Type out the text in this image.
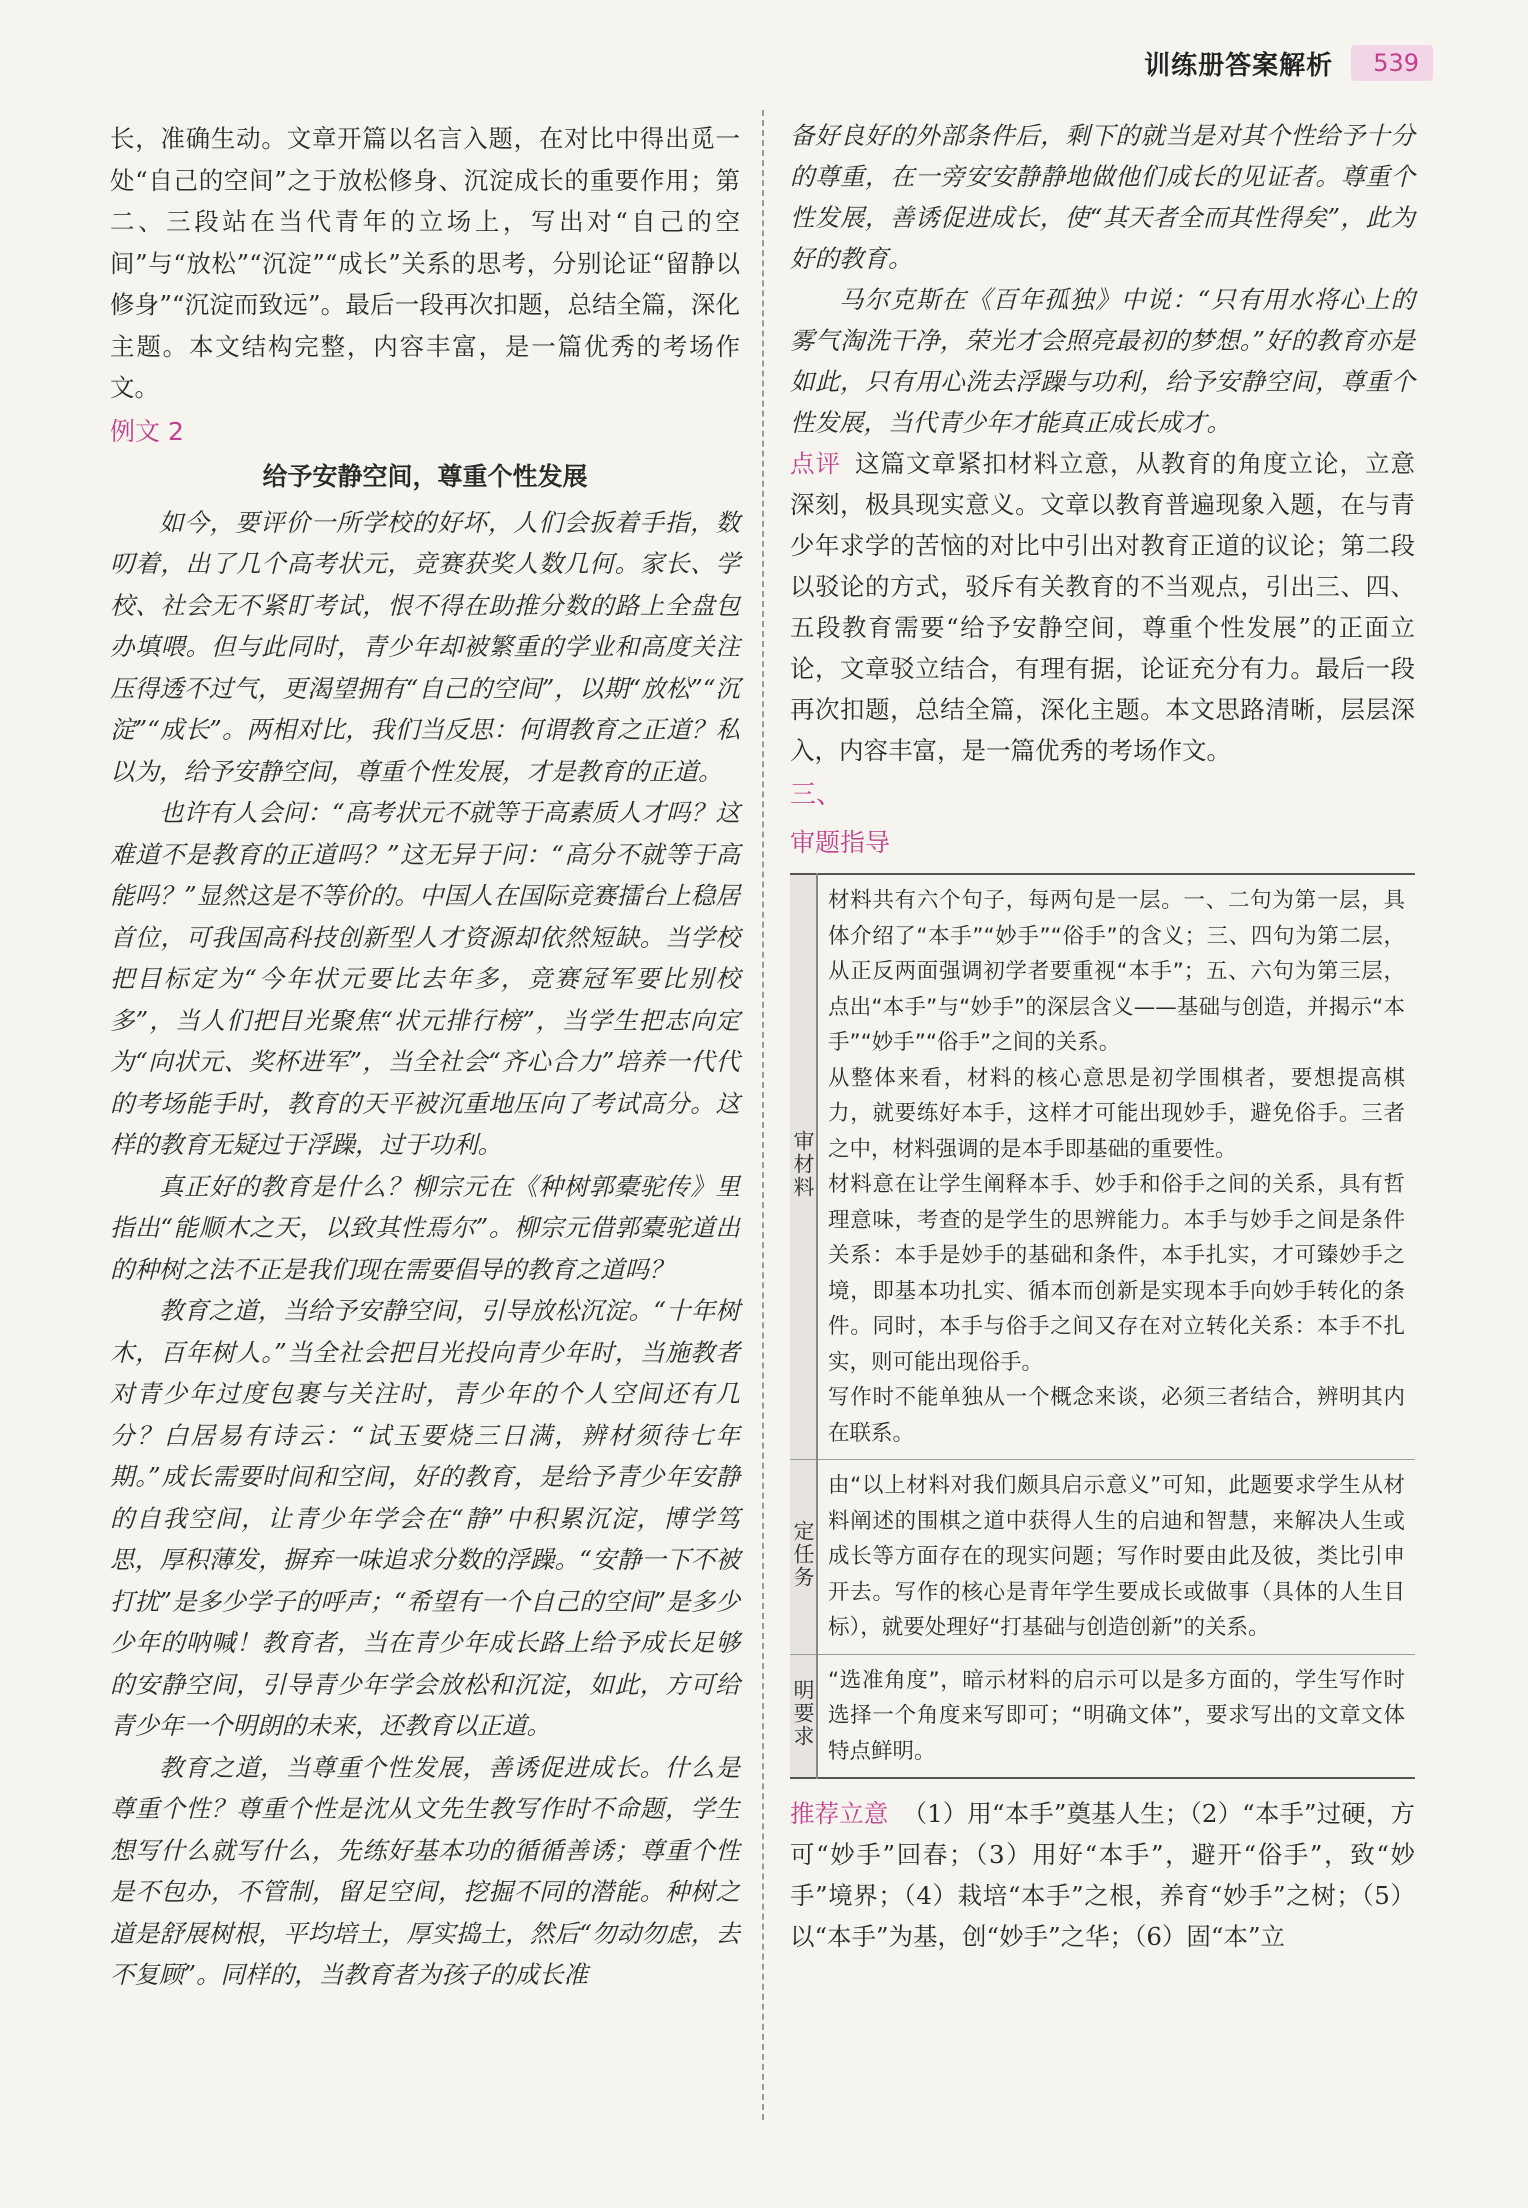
训练册答案解析	539

长，准确生动。文章开篇以名言入题，在对比中得出觅一处“自己的空间”之于放松修身、沉淀成长的重要作用；第二、三段站在当代青年的立场上，写出对“自己的空间”与“放松”“沉淀”“成长”关系的思考，分别论证“留静以修身”“沉淀而致远”。最后一段再次扣题，总结全篇，深化主题。本文结构完整，内容丰富，是一篇优秀的考场作文。

例文 2
给予安静空间，尊重个性发展

如今，要评价一所学校的好坏，人们会扳着手指，数叨着，出了几个高考状元，竞赛获奖人数几何。家长、学校、社会无不紧盯考试，恨不得在助推分数的路上全盘包办填喂。但与此同时，青少年却被繁重的学业和高度关注压得透不过气，更渴望拥有“自己的空间”，以期“放松”“沉淀”“成长”。两相对比，我们当反思：何谓教育之正道？私以为，给予安静空间，尊重个性发展，才是教育的正道。

也许有人会问：“高考状元不就等于高素质人才吗？这难道不是教育的正道吗？”这无异于问：“高分不就等于高能吗？”显然这是不等价的。中国人在国际竞赛擂台上稳居首位，可我国高科技创新型人才资源却依然短缺。当学校把目标定为“今年状元要比去年多，竞赛冠军要比别校多”，当人们把目光聚焦“状元排行榜”，当学生把志向定为“向状元、奖杯进军”，当全社会“齐心合力”培养一代代的考场能手时，教育的天平被沉重地压向了考试高分。这样的教育无疑过于浮躁，过于功利。

真正好的教育是什么？柳宗元在《种树郭橐驼传》里指出“能顺木之天，以致其性焉尔”。柳宗元借郭橐驼道出的种树之法不正是我们现在需要倡导的教育之道吗？

教育之道，当给予安静空间，引导放松沉淀。“十年树木，百年树人。”当全社会把目光投向青少年时，当施教者对青少年过度包裹与关注时，青少年的个人空间还有几分？白居易有诗云：“试玉要烧三日满，辨材须待七年期。”成长需要时间和空间，好的教育，是给予青少年安静的自我空间，让青少年学会在“静”中积累沉淀，博学笃思，厚积薄发，摒弃一味追求分数的浮躁。“安静一下不被打扰”是多少学子的呼声；“希望有一个自己的空间”是多少少年的呐喊！教育者，当在青少年成长路上给予成长足够的安静空间，引导青少年学会放松和沉淀，如此，方可给青少年一个明朗的未来，还教育以正道。

教育之道，当尊重个性发展，善诱促进成长。什么是尊重个性？尊重个性是沈从文先生教写作时不命题，学生想写什么就写什么，先练好基本功的循循善诱；尊重个性是不包办，不管制，留足空间，挖掘不同的潜能。种树之道是舒展树根，平均培土，厚实捣土，然后“勿动勿虑，去不复顾”。同样的，当教育者为孩子的成长准

备好良好的外部条件后，剩下的就当是对其个性给予十分的尊重，在一旁安安静静地做他们成长的见证者。尊重个性发展，善诱促进成长，使“其天者全而其性得矣”，此为好的教育。

马尔克斯在《百年孤独》中说：“只有用水将心上的雾气淘洗干净，荣光才会照亮最初的梦想。”好的教育亦是如此，只有用心洗去浮躁与功利，给予安静空间，尊重个性发展，当代青少年才能真正成长成才。

点评 这篇文章紧扣材料立意，从教育的角度立论，立意深刻，极具现实意义。文章以教育普遍现象入题，在与青少年求学的苦恼的对比中引出对教育正道的议论；第二段以驳论的方式，驳斥有关教育的不当观点，引出三、四、五段教育需要“给予安静空间，尊重个性发展”的正面立论，文章驳立结合，有理有据，论证充分有力。最后一段再次扣题，总结全篇，深化主题。本文思路清晰，层层深入，内容丰富，是一篇优秀的考场作文。

三、
审题指导
审材料	材料共有六个句子，每两句是一层。一、二句为第一层，具体介绍了“本手”“妙手”“俗手”的含义；三、四句为第二层，从正反两面强调初学者要重视“本手”；五、六句为第三层，点出“本手”与“妙手”的深层含义——基础与创造，并揭示“本手”“妙手”“俗手”之间的关系。

从整体来看，材料的核心意思是初学围棋者，要想提高棋力，就要练好本手，这样才可能出现妙手，避免俗手。三者之中，材料强调的是本手即基础的重要性。

材料意在让学生阐释本手、妙手和俗手之间的关系，具有哲理意味，考查的是学生的思辨能力。本手与妙手之间是条件关系：本手是妙手的基础和条件，本手扎实，才可臻妙手之境，即基本功扎实、循本而创新是实现本手向妙手转化的条件。同时，本手与俗手之间又存在对立转化关系：本手不扎实，则可能出现俗手。

写作时不能单独从一个概念来谈，必须三者结合，辨明其内在联系。

定任务	由“以上材料对我们颇具启示意义”可知，此题要求学生从材料阐述的围棋之道中获得人生的启迪和智慧，来解决人生或成长等方面存在的现实问题；写作时要由此及彼，类比引申开去。写作的核心是青年学生要成长或做事（具体的人生目标），就要处理好“打基础与创造创新”的关系。

明要求	“选准角度”，暗示材料的启示可以是多方面的，学生写作时选择一个角度来写即可；“明确文体”，要求写出的文章文体特点鲜明。

推荐立意 （1）用“本手”奠基人生；（2）“本手”过硬，方可“妙手”回春；（3）用好“本手”，避开“俗手”，致“妙手”境界；（4）栽培“本手”之根，养育“妙手”之树；（5）以“本手”为基，创“妙手”之华；（6）固“本”立
